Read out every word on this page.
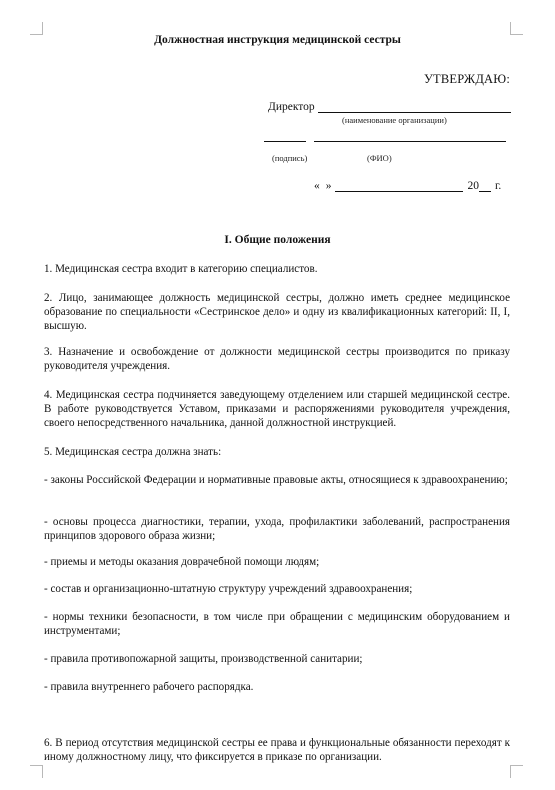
Должностная инструкция медицинской сестры
УТВЕРЖДАЮ:
Директор
(наименование организации)
(подпись)	(ФИО)
« »	20 г.
I. Общие положения
1. Медицинская сестра входит в категорию специалистов.
2. Лицо, занимающее должность медицинской сестры, должно иметь среднее медицинское образование по специальности «Сестринское дело» и одну из квалификационных категорий: II, I, высшую.
3. Назначение и освобождение от должности медицинской сестры производится по приказу руководителя учреждения.
4. Медицинская сестра подчиняется заведующему отделением или старшей медицинской сестре. В работе руководствуется Уставом, приказами и распоряжениями руководителя учреждения, своего непосредственного начальника, данной должностной инструкцией.
5. Медицинская сестра должна знать:
- законы Российской Федерации и нормативные правовые акты, относящиеся к здравоохранению;
- основы процесса диагностики, терапии, ухода, профилактики заболеваний, распространения принципов здорового образа жизни;
- приемы и методы оказания доврачебной помощи людям;
- состав и организационно-штатную структуру учреждений здравоохранения;
- нормы техники безопасности, в том числе при обращении с медицинским оборудованием и инструментами;
- правила противопожарной защиты, производственной санитарии;
- правила внутреннего рабочего распорядка.
6. В период отсутствия медицинской сестры ее права и функциональные обязанности переходят к иному должностному лицу, что фиксируется в приказе по организации.
